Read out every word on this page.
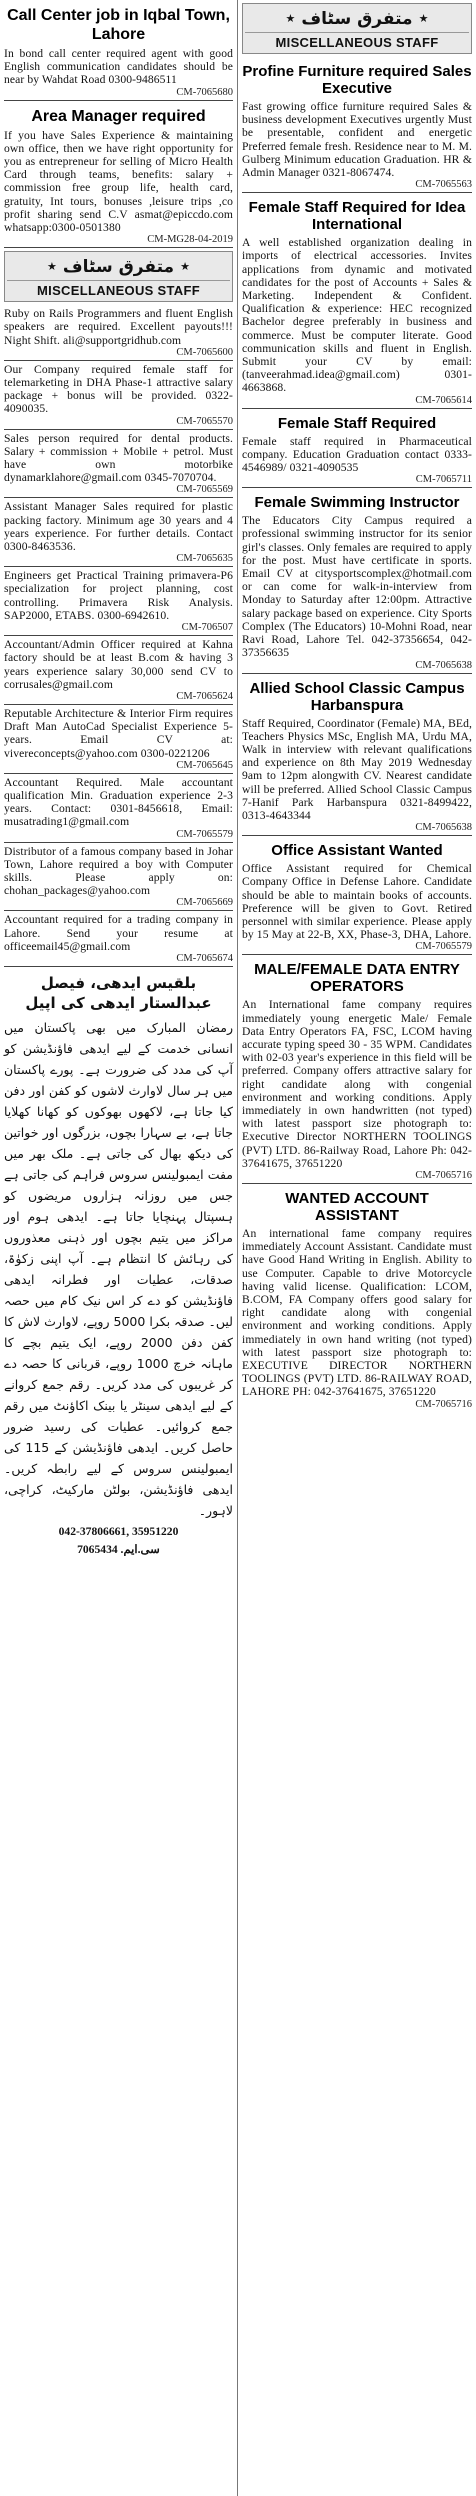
Call Center job in Iqbal Town, Lahore
In bond call center required agent with good English communication candidates should be near by Wahdat Road 0300-9486511
CM-7065680
Area Manager required
If you have Sales Experience & maintaining own office, then we have right opportunity for you as entrepreneur for selling of Micro Health Card through teams, benefits: salary + commission free group life, health card, gratuity, Int tours, bonuses ,leisure trips ,co profit sharing send C.V asmat@epiccdo.com whatsapp:0300-0501380
CM-MG28-04-2019
★
متفرق سٹاف
★
MISCELLANEOUS STAFF
Ruby on Rails Programmers and fluent English speakers are required. Excellent payouts!!! Night Shift. ali@supportgridhub.com
CM-7065600
Our Company required female staff for telemarketing in DHA Phase-1 attractive salary package + bonus will be provided. 0322-4090035.
CM-7065570
Sales person required for dental products. Salary + commission + Mobile + petrol. Must have own motorbike dynamarklahore@gmail.com 0345-7070704.
CM-7065569
Assistant Manager Sales required for plastic packing factory. Minimum age 30 years and 4 years experience. For further details. Contact 0300-8463536.
CM-7065635
Engineers get Practical Training primavera-P6 specialization for project planning, cost controlling. Primavera Risk Analysis. SAP2000, ETABS. 0300-6942610.
CM-706507
Accountant/Admin Officer required at Kahna factory should be at least B.com & having 3 years experience salary 30,000 send CV to corrusales@gmail.com
CM-7065624
Reputable Architecture & Interior Firm requires Draft Man AutoCad Specialist Experience 5-years. Email CV at: vivereconcepts@yahoo.com 0300-0221206
CM-7065645
Accountant Required. Male accountant qualification Min. Graduation experience 2-3 years. Contact: 0301-8456618, Email: musatrading1@gmail.com
CM-7065579
Distributor of a famous company based in Johar Town, Lahore required a boy with Computer skills. Please apply on: chohan_packages@yahoo.com
CM-7065669
Accountant required for a trading company in Lahore. Send your resume at officeemail45@gmail.com
CM-7065674
بلقیس ایدھی، فیصل عبدالستار ایدھی کی اپیل
رمضان المبارک میں بھی پاکستان میں انسانی خدمت کے لیے ایدھی فاؤنڈیشن کو آپ کی مدد کی ضرورت ہے۔ پورے پاکستان میں ہر سال لاوارث لاشوں کو کفن اور دفن کیا جاتا ہے، لاکھوں بھوکوں کو کھانا کھلایا جاتا ہے، بے سہارا بچوں، بزرگوں اور خواتین کی دیکھ بھال کی جاتی ہے۔ ملک بھر میں مفت ایمبولینس سروس فراہم کی جاتی ہے جس میں روزانہ ہزاروں مریضوں کو ہسپتال پہنچایا جاتا ہے۔ ایدھی ہوم اور مراکز میں یتیم بچوں اور ذہنی معذوروں کی رہائش کا انتظام ہے۔ آپ اپنی زکوٰۃ، صدقات، عطیات اور فطرانہ ایدھی فاؤنڈیشن کو دے کر اس نیک کام میں حصہ لیں۔ صدقہ بکرا 5000 روپے، لاوارث لاش کا کفن دفن 2000 روپے، ایک یتیم بچے کا ماہانہ خرچ 1000 روپے، قربانی کا حصہ دے کر غریبوں کی مدد کریں۔ رقم جمع کروانے کے لیے ایدھی سینٹر یا بینک اکاؤنٹ میں رقم جمع کروائیں۔ عطیات کی رسید ضرور حاصل کریں۔ ایدھی فاؤنڈیشن کے 115 کی ایمبولینس سروس کے لیے رابطہ کریں۔ ایدھی فاؤنڈیشن، بولٹن مارکیٹ، کراچی، لاہور۔
042-37806661, 35951220
7065434 .سی.ایم
★
متفرق سٹاف
★
MISCELLANEOUS STAFF
Profine Furniture required Sales Executive
Fast growing office furniture required Sales & business development Executives urgently Must be presentable, confident and energetic Preferred female fresh. Residence near to M. M. Gulberg Minimum education Graduation. HR & Admin Manager 0321-8067474.
CM-7065563
Female Staff Required for Idea International
A well established organization dealing in imports of electrical accessories. Invites applications from dynamic and motivated candidates for the post of Accounts + Sales & Marketing. Independent & Confident. Qualification & experience: HEC recognized Bachelor degree preferably in business and commerce. Must be computer literate. Good communication skills and fluent in English. Submit your CV by email: (tanveerahmad.idea@gmail.com) 0301-4663868.
CM-7065614
Female Staff Required
Female staff required in Pharmaceutical company. Education Graduation contact 0333-4546989/ 0321-4090535
CM-7065711
Female Swimming Instructor
The Educators City Campus required a professional swimming instructor for its senior girl's classes. Only females are required to apply for the post. Must have certificate in sports. Email CV at citysportscomplex@hotmail.com or can come for walk-in-interview from Monday to Saturday after 12:00pm. Attractive salary package based on experience. City Sports Complex (The Educators) 10-Mohni Road, near Ravi Road, Lahore Tel. 042-37356654, 042-37356635
CM-7065638
Allied School Classic Campus Harbanspura
Staff Required, Coordinator (Female) MA, BEd, Teachers Physics MSc, English MA, Urdu MA, Walk in interview with relevant qualifications and experience on 8th May 2019 Wednesday 9am to 12pm alongwith CV. Nearest candidate will be preferred. Allied School Classic Campus 7-Hanif Park Harbanspura 0321-8499422, 0313-4643344
CM-7065638
Office Assistant Wanted
Office Assistant required for Chemical Company Office in Defense Lahore. Candidate should be able to maintain books of accounts. Preference will be given to Govt. Retired personnel with similar experience. Please apply by 15 May at 22-B, XX, Phase-3, DHA, Lahore.
CM-7065579
MALE/FEMALE DATA ENTRY OPERATORS
An International fame company requires immediately young energetic Male/ Female Data Entry Operators FA, FSC, LCOM having accurate typing speed 30 - 35 WPM. Candidates with 02-03 year's experience in this field will be preferred. Company offers attractive salary for right candidate along with congenial environment and working conditions. Apply immediately in own handwritten (not typed) with latest passport size photograph to: Executive Director NORTHERN TOOLINGS (PVT) LTD. 86-Railway Road, Lahore Ph: 042-37641675, 37651220
CM-7065716
WANTED ACCOUNT ASSISTANT
An international fame company requires immediately Account Assistant. Candidate must have Good Hand Writing in English. Ability to use Computer. Capable to drive Motorcycle having valid license. Qualification: LCOM, B.COM, FA Company offers good salary for right candidate along with congenial environment and working conditions. Apply immediately in own hand writing (not typed) with latest passport size photograph to: EXECUTIVE DIRECTOR NORTHERN TOOLINGS (PVT) LTD. 86-RAILWAY ROAD, LAHORE PH: 042-37641675, 37651220
CM-7065716
